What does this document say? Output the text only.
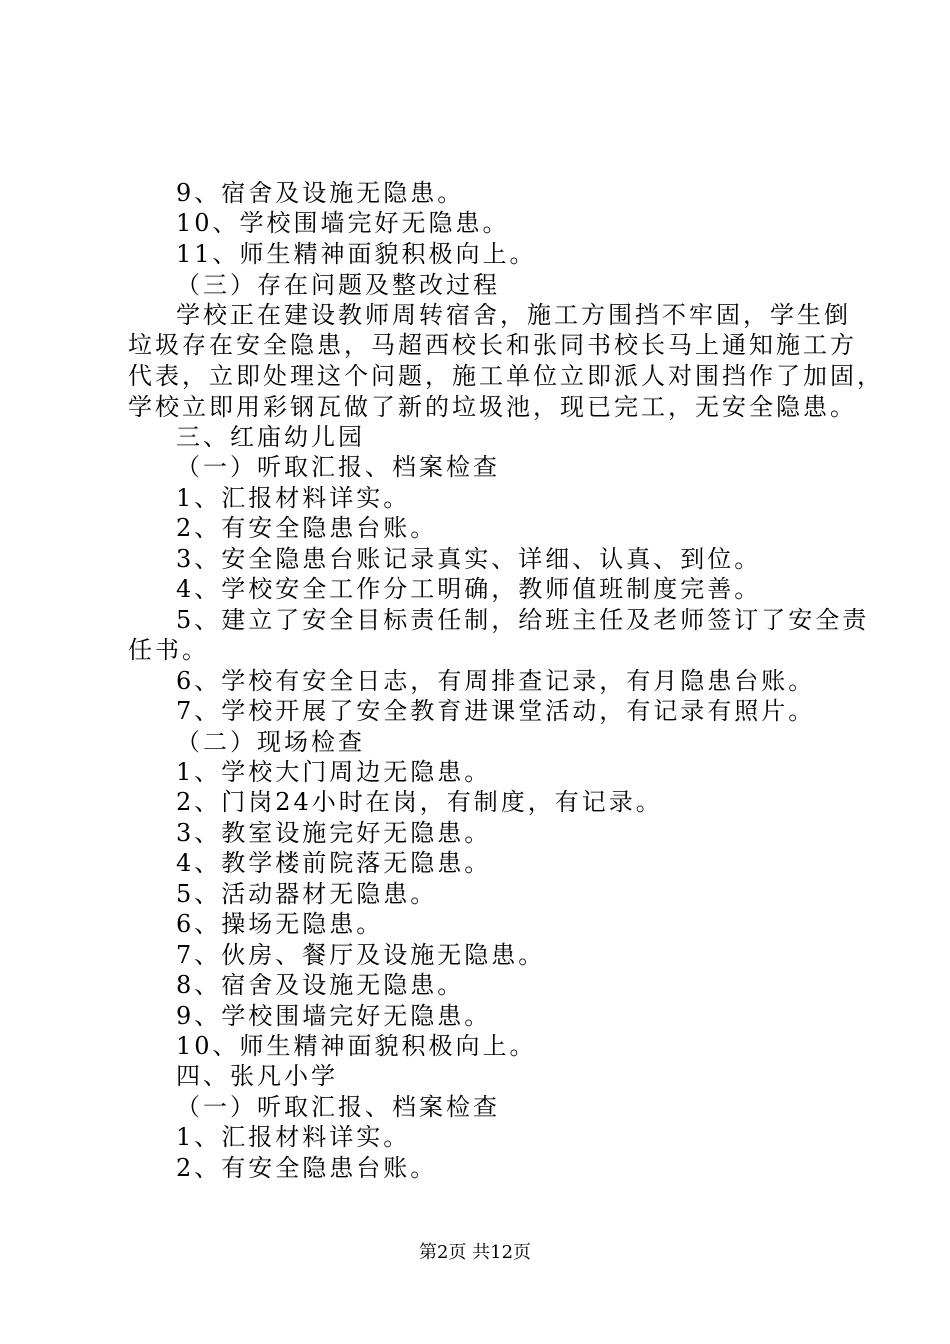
9、宿舍及设施无隐患。
10、学校围墙完好无隐患。
11、师生精神面貌积极向上。
（三）存在问题及整改过程
学校正在建设教师周转宿舍，施工方围挡不牢固，学生倒
垃圾存在安全隐患，马超西校长和张同书校长马上通知施工方
代表，立即处理这个问题，施工单位立即派人对围挡作了加固，
学校立即用彩钢瓦做了新的垃圾池，现已完工，无安全隐患。
三、红庙幼儿园
（一）听取汇报、档案检查
1、汇报材料详实。
2、有安全隐患台账。
3、安全隐患台账记录真实、详细、认真、到位。
4、学校安全工作分工明确，教师值班制度完善。
5、建立了安全目标责任制，给班主任及老师签订了安全责
任书。
6、学校有安全日志，有周排查记录，有月隐患台账。
7、学校开展了安全教育进课堂活动，有记录有照片。
（二）现场检查
1、学校大门周边无隐患。
2、门岗24小时在岗，有制度，有记录。
3、教室设施完好无隐患。
4、教学楼前院落无隐患。
5、活动器材无隐患。
6、操场无隐患。
7、伙房、餐厅及设施无隐患。
8、宿舍及设施无隐患。
9、学校围墙完好无隐患。
10、师生精神面貌积极向上。
四、张凡小学
（一）听取汇报、档案检查
1、汇报材料详实。
2、有安全隐患台账。
第2页 共12页
